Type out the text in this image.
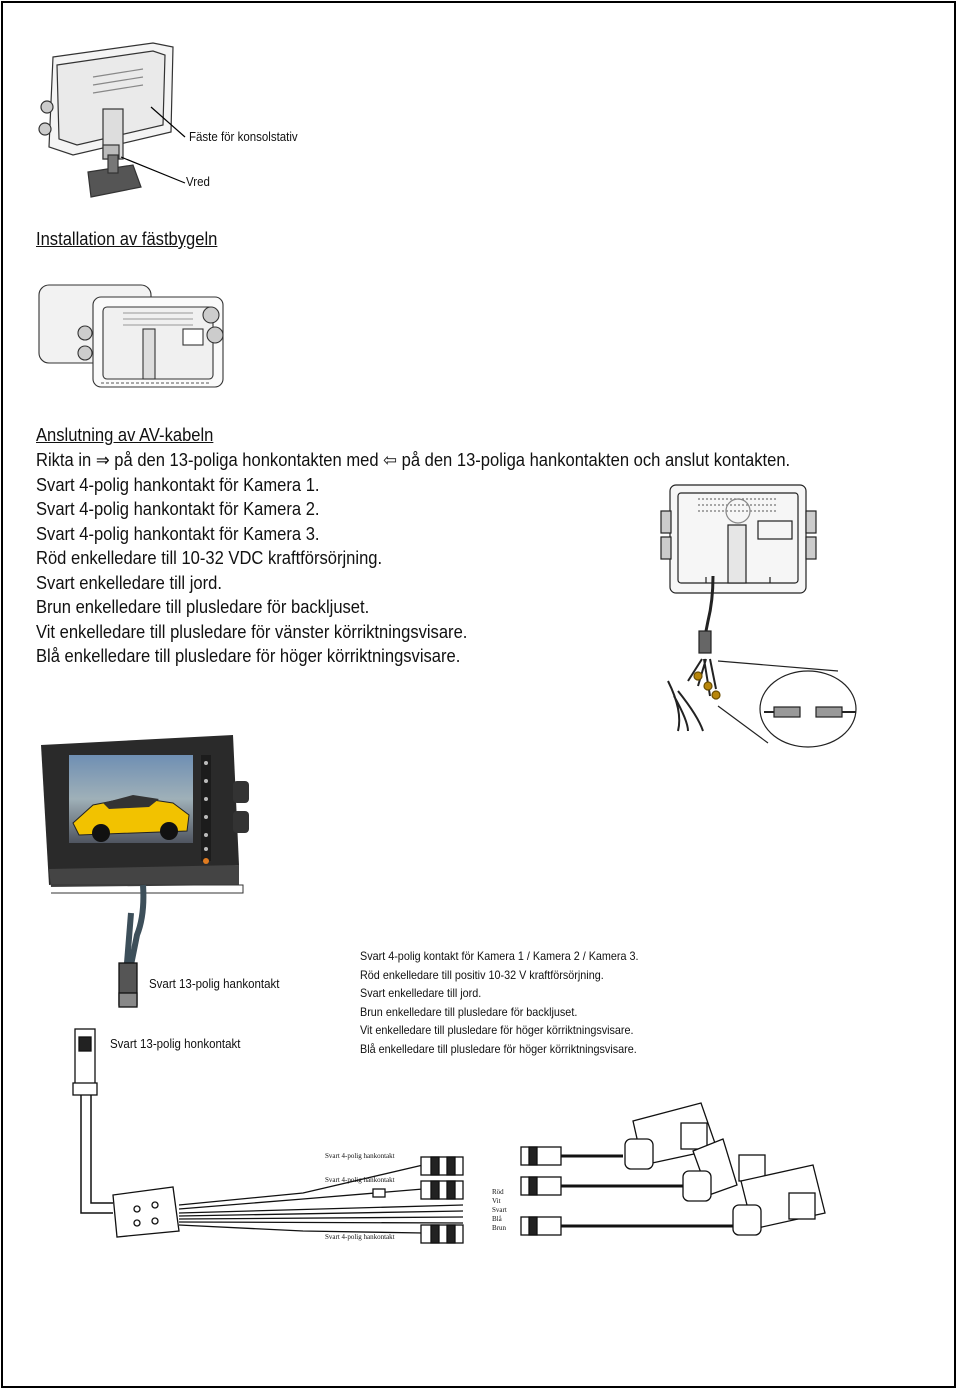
Fäste för konsolstativ
Vred
Installation av fästbygeln
Anslutning av AV-kabeln
Rikta in ⇒ på den 13-poliga honkontakten med ⇦ på den 13-poliga hankontakten och anslut kontakten.
Svart 4-polig hankontakt för Kamera 1.
Svart 4-polig hankontakt för Kamera 2.
Svart 4-polig hankontakt för Kamera 3.
Röd enkelledare till 10-32 VDC kraftförsörjning.
Svart enkelledare till jord.
Brun enkelledare till plusledare för backljuset.
Vit enkelledare till plusledare för vänster körriktningsvisare.
Blå enkelledare till plusledare för höger körriktningsvisare.
Svart 13-polig hankontakt
Svart 13-polig honkontakt
Svart 4-polig kontakt för Kamera 1 / Kamera 2 / Kamera 3.
Röd enkelledare till positiv 10-32 V kraftförsörjning.
Svart enkelledare till jord.
Brun enkelledare till plusledare för backljuset.
Vit enkelledare till plusledare för höger körriktningsvisare.
Blå enkelledare till plusledare för höger körriktningsvisare.
Svart 4-polig hankontakt
Svart 4-polig hankontakt
Svart 4-polig hankontakt
Röd
Vit
Svart
Blå
Brun
